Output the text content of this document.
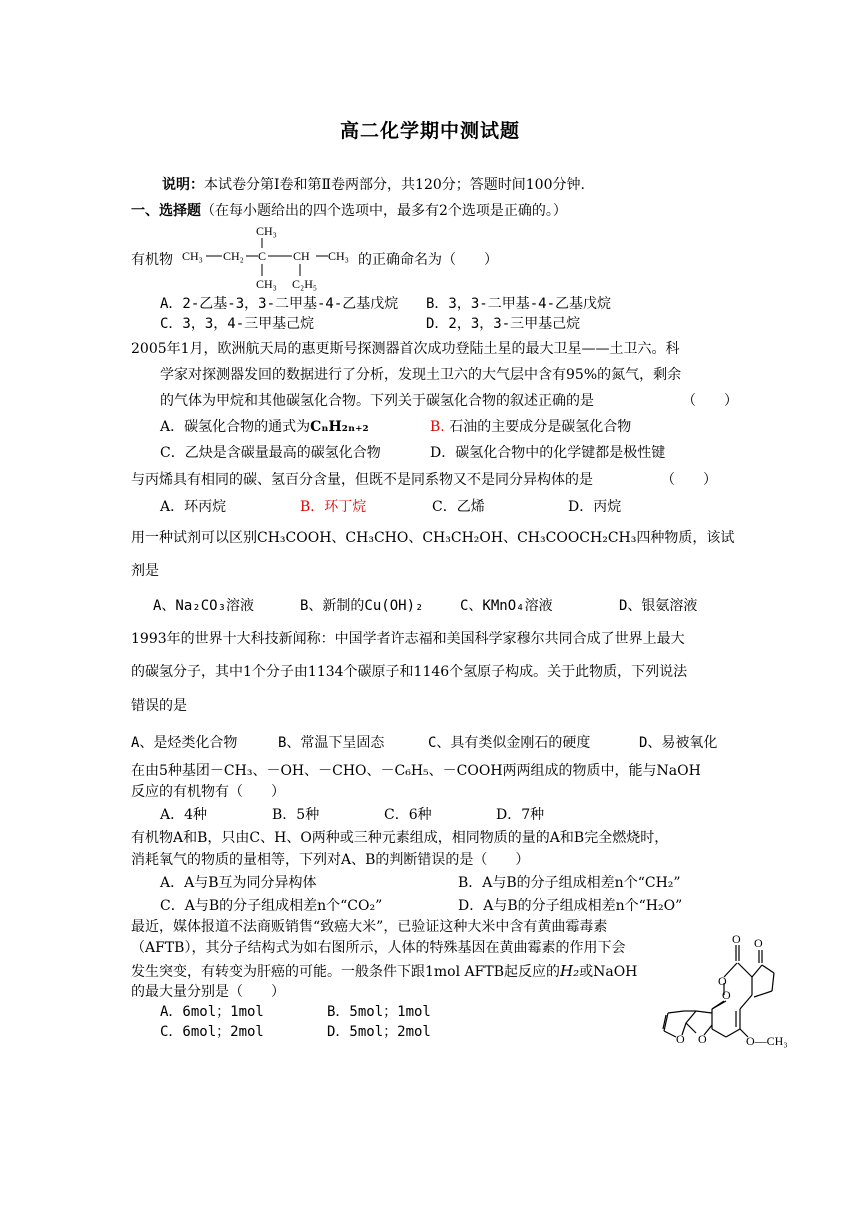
高二化学期中测试题
说明：本试卷分第Ⅰ卷和第Ⅱ卷两部分，共120分；答题时间100分钟.
一、选择题（在每小题给出的四个选项中，最多有2个选项是正确的。）
有机物
CH₃
CH₃ CH₂ C CH CH₃
CH₃ C₂H₅
的正确命名为（　　）
A．2-乙基-3，3-二甲基-4-乙基戊烷 B．3，3-二甲基-4-乙基戊烷
C．3，3，4-三甲基己烷	D．2，3，3-三甲基己烷
2005年1月，欧洲航天局的惠更斯号探测器首次成功登陆土星的最大卫星——土卫六。科
学家对探测器发回的数据进行了分析，发现土卫六的大气层中含有95%的氮气，剩余
的气体为甲烷和其他碳氢化合物。下列关于碳氢化合物的叙述正确的是	（　　）
A．碳氢化合物的通式为CₙH₂ₙ₊₂	B. 石油的主要成分是碳氢化合物
C．乙炔是含碳量最高的碳氢化合物	D．碳氢化合物中的化学键都是极性键
与丙烯具有相同的碳、氢百分含量，但既不是同系物又不是同分异构体的是	（　　）
A．环丙烷	B．环丁烷	C．乙烯	D．丙烷
用一种试剂可以区别CH₃COOH、CH₃CHO、CH₃CH₂OH、CH₃COOCH₂CH₃四种物质，该试
剂是
A、Na₂CO₃溶液	B、新制的Cu(OH)₂	C、KMnO₄溶液	D、银氨溶液
1993年的世界十大科技新闻称：中国学者许志福和美国科学家穆尔共同合成了世界上最大
的碳氢分子，其中1个分子由1134个碳原子和1146个氢原子构成。关于此物质，下列说法
错误的是
A、是烃类化合物	B、常温下呈固态	C、具有类似金刚石的硬度	D、易被氧化
在由5种基团－CH₃、－OH、－CHO、－C₆H₅、－COOH两两组成的物质中，能与NaOH
反应的有机物有（　　）
A．4种	B．5种	C．6种	D．7种
有机物A和B，只由C、H、O两种或三种元素组成，相同物质的量的A和B完全燃烧时，
消耗氧气的物质的量相等，下列对A、B的判断错误的是（　　）
A．A与B互为同分异构体	B．A与B的分子组成相差n个“CH₂”
C．A与B的分子组成相差n个“CO₂”	D．A与B的分子组成相差n个“H₂O”
最近，媒体报道不法商贩销售“致癌大米”，已验证这种大米中含有黄曲霉毒素
（AFTB），其分子结构式为如右图所示，人体的特殊基因在黄曲霉素的作用下会
发生突变，有转变为肝癌的可能。一般条件下跟1mol AFTB起反应的H₂或NaOH
的最大量分别是（　　）
A．6mol；1mol	B．5mol；1mol
C．6mol；2mol	D．5mol；2mol
O O
O
O O
O
O—CH₃
